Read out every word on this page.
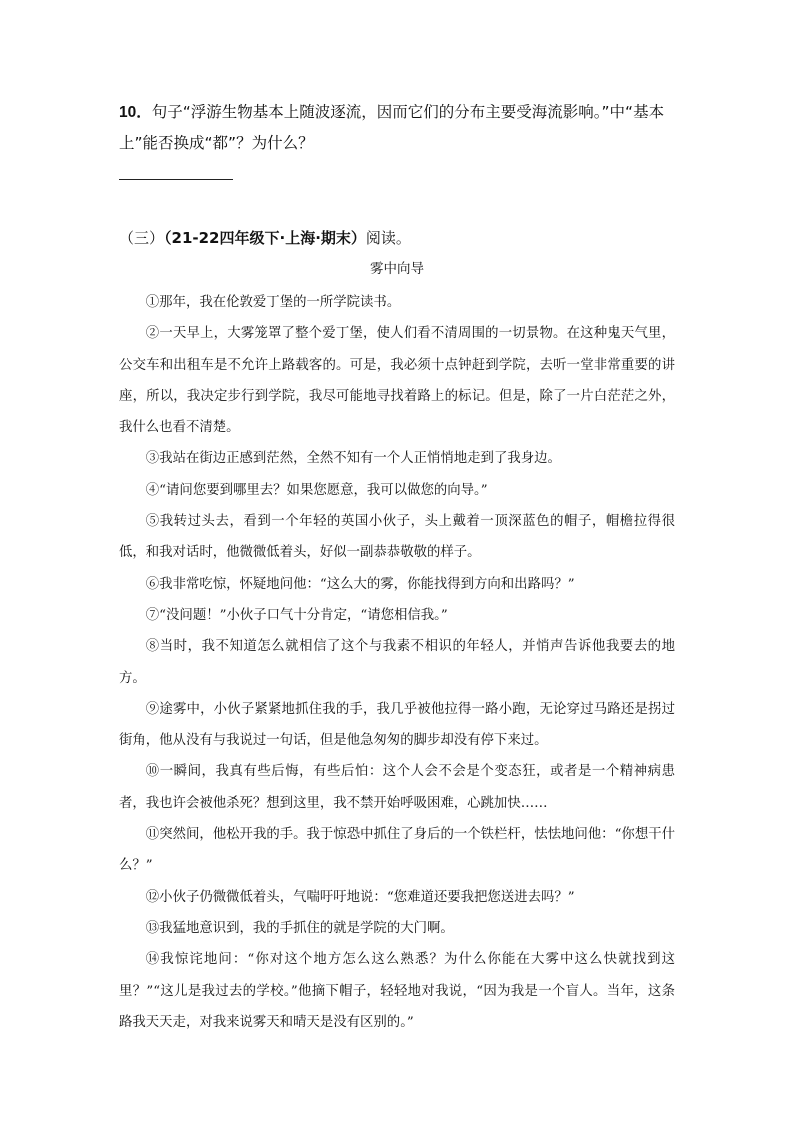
10．句子“浮游生物基本上随波逐流，因而它们的分布主要受海流影响。”中“基本上”能否换成“都”？为什么？
（三）（21-22四年级下·上海·期末）阅读。
雾中向导

①那年，我在伦敦爱丁堡的一所学院读书。

②一天早上，大雾笼罩了整个爱丁堡，使人们看不清周围的一切景物。在这种鬼天气里，公交车和出租车是不允许上路载客的。可是，我必须十点钟赶到学院，去听一堂非常重要的讲座，所以，我决定步行到学院，我尽可能地寻找着路上的标记。但是，除了一片白茫茫之外，我什么也看不清楚。

③我站在街边正感到茫然，全然不知有一个人正悄悄地走到了我身边。

④“请问您要到哪里去？如果您愿意，我可以做您的向导。”

⑤我转过头去，看到一个年轻的英国小伙子，头上戴着一顶深蓝色的帽子，帽檐拉得很低，和我对话时，他微微低着头，好似一副恭恭敬敬的样子。

⑥我非常吃惊，怀疑地问他：“这么大的雾，你能找得到方向和出路吗？”

⑦“没问题！”小伙子口气十分肯定，“请您相信我。”

⑧当时，我不知道怎么就相信了这个与我素不相识的年轻人，并悄声告诉他我要去的地方。

⑨途雾中，小伙子紧紧地抓住我的手，我几乎被他拉得一路小跑，无论穿过马路还是拐过街角，他从没有与我说过一句话，但是他急匆匆的脚步却没有停下来过。

⑩一瞬间，我真有些后悔，有些后怕：这个人会不会是个变态狂，或者是一个精神病患者，我也许会被他杀死？想到这里，我不禁开始呼吸困难，心跳加快……

⑪突然间，他松开我的手。我于惊恐中抓住了身后的一个铁栏杆，怯怯地问他：“你想干什么？”

⑫小伙子仍微微低着头，气喘吁吁地说：“您难道还要我把您送进去吗？”

⑬我猛地意识到，我的手抓住的就是学院的大门啊。

⑭我惊诧地问：“你对这个地方怎么这么熟悉？为什么你能在大雾中这么快就找到这里？”“这儿是我过去的学校。”他摘下帽子，轻轻地对我说，“因为我是一个盲人。当年，这条路我天天走，对我来说雾天和晴天是没有区别的。”
